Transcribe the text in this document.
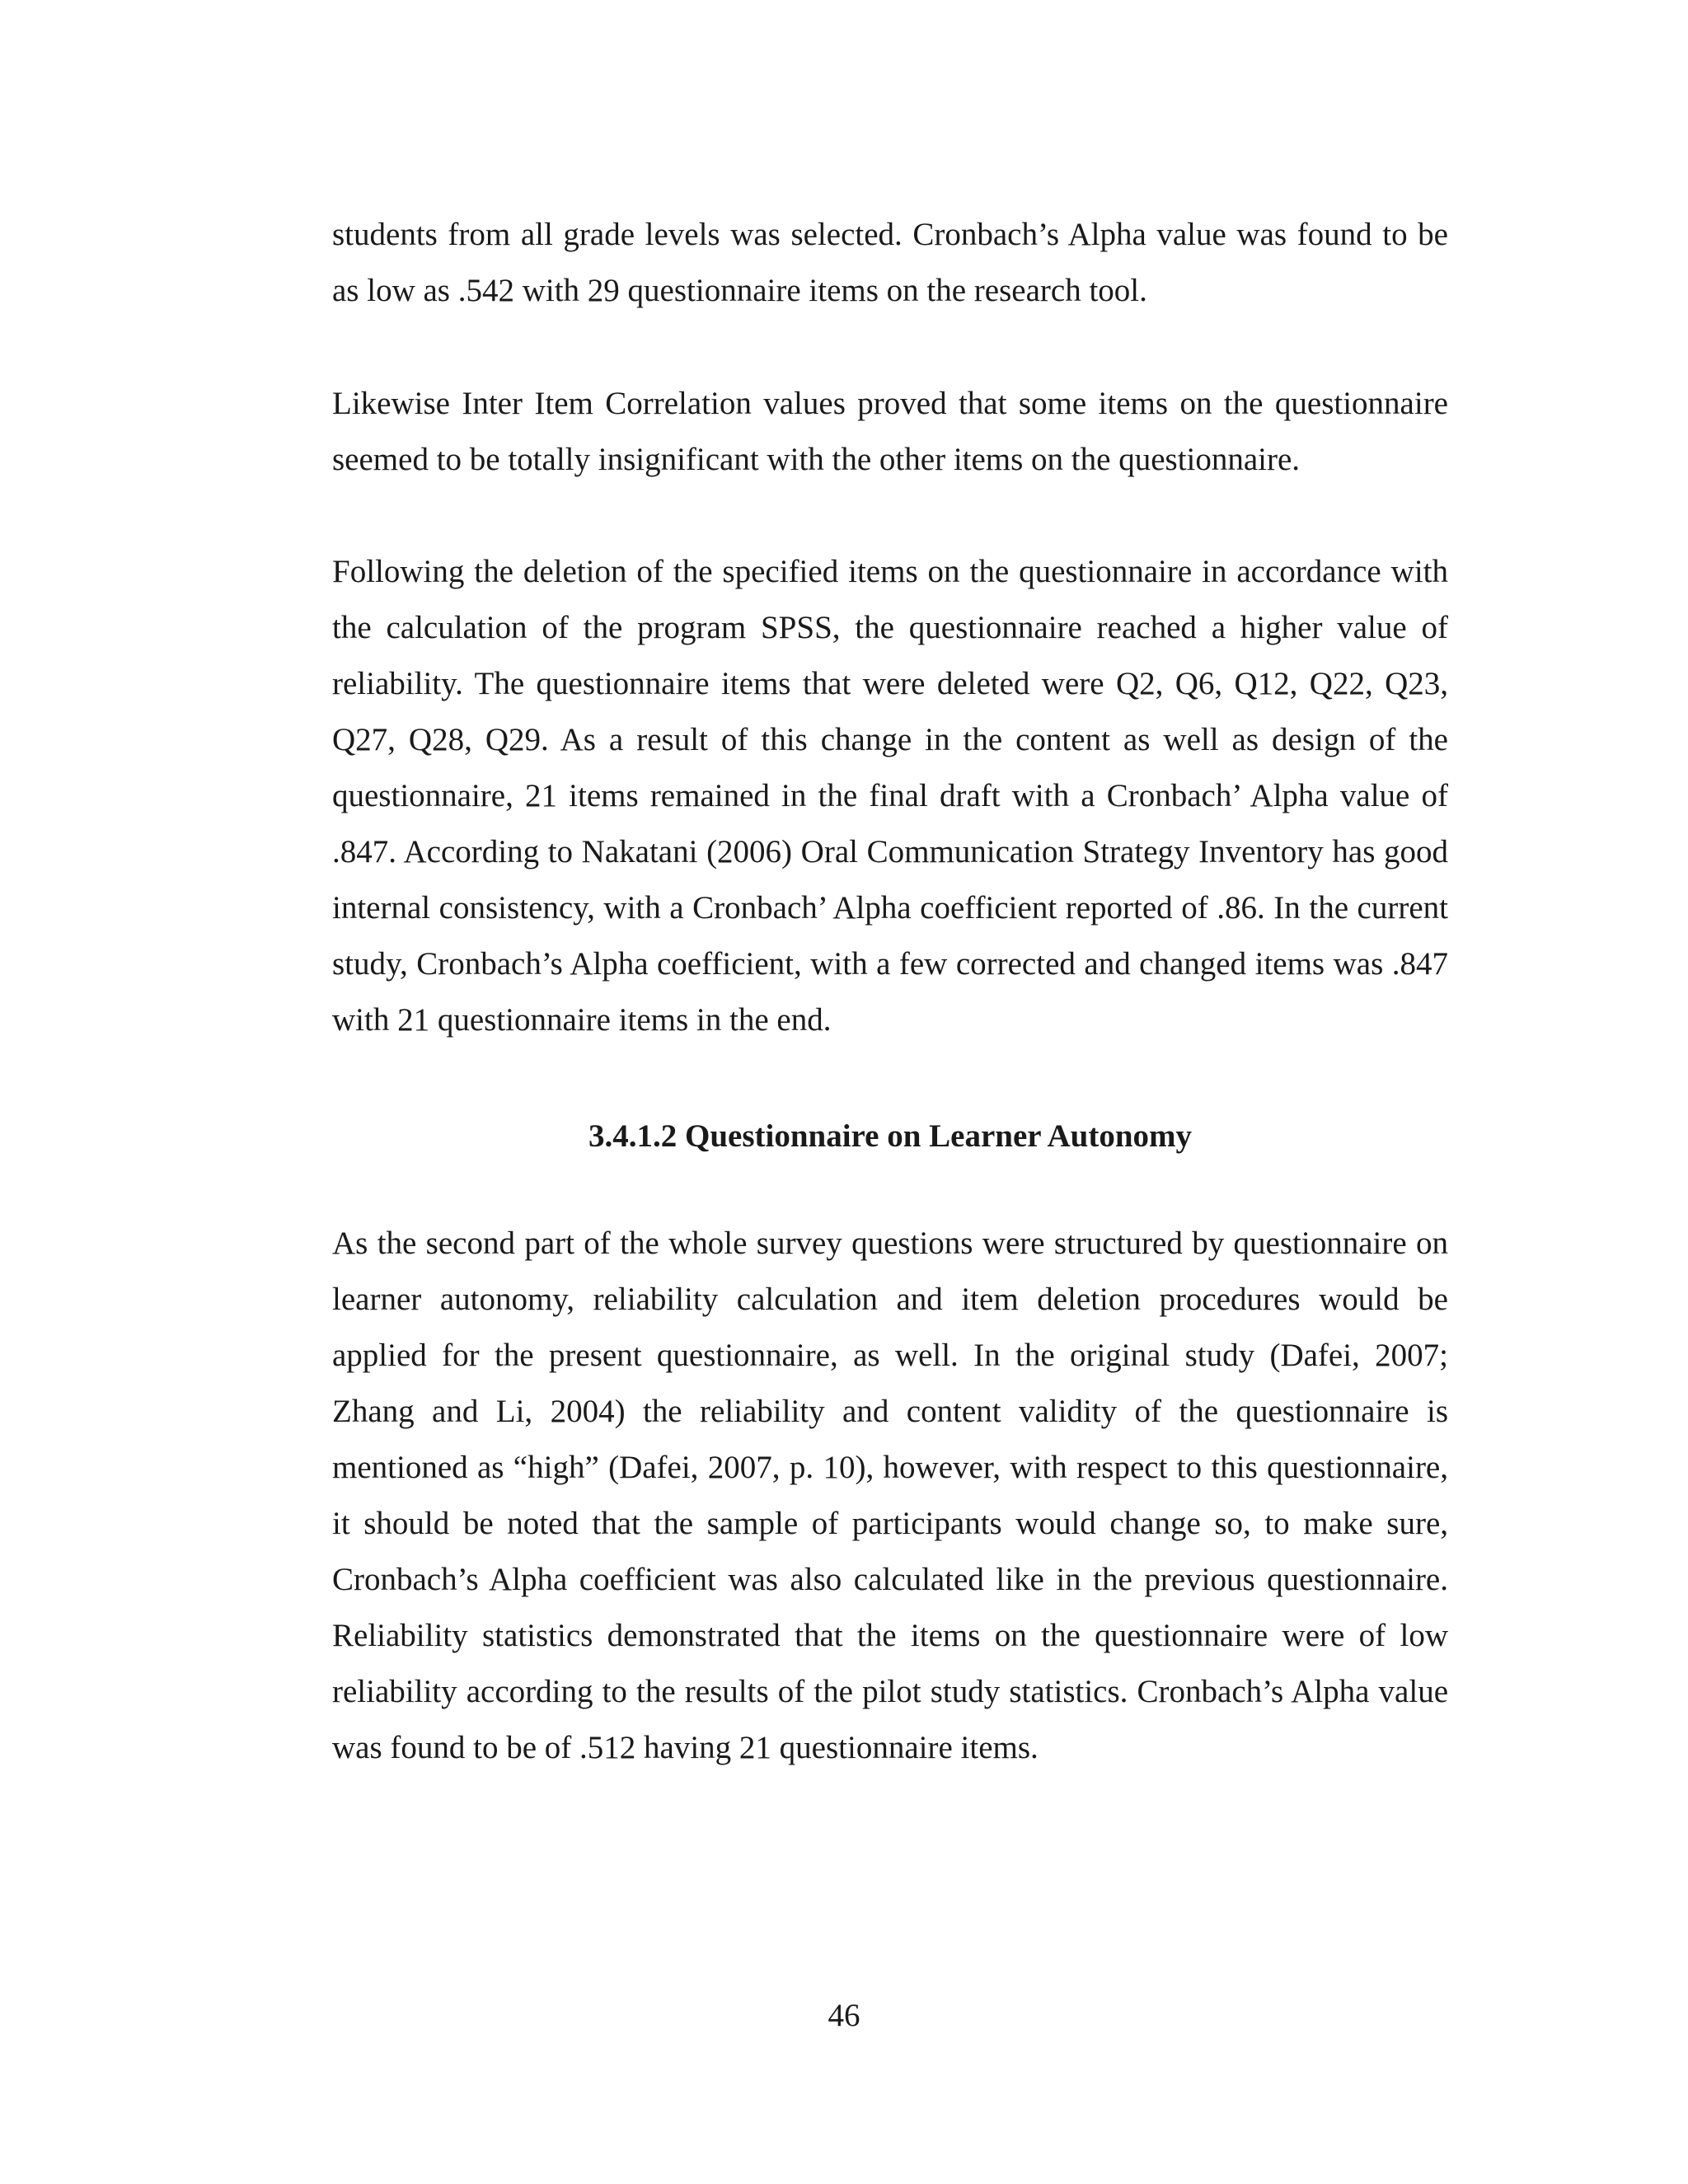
students from all grade levels was selected. Cronbach’s Alpha value was found to be as low as .542 with 29 questionnaire items on the research tool.

Likewise Inter Item Correlation values proved that some items on the questionnaire seemed to be totally insignificant with the other items on the questionnaire.

Following the deletion of the specified items on the questionnaire in accordance with the calculation of the program SPSS, the questionnaire reached a higher value of reliability. The questionnaire items that were deleted were Q2, Q6, Q12, Q22, Q23, Q27, Q28, Q29. As a result of this change in the content as well as design of the questionnaire, 21 items remained in the final draft with a Cronbach’ Alpha value of .847. According to Nakatani (2006) Oral Communication Strategy Inventory has good internal consistency, with a Cronbach’ Alpha coefficient reported of .86. In the current study, Cronbach’s Alpha coefficient, with a few corrected and changed items was .847 with 21 questionnaire items in the end.

3.4.1.2 Questionnaire on Learner Autonomy

As the second part of the whole survey questions were structured by questionnaire on learner autonomy, reliability calculation and item deletion procedures would be applied for the present questionnaire, as well. In the original study (Dafei, 2007; Zhang and Li, 2004) the reliability and content validity of the questionnaire is mentioned as “high” (Dafei, 2007, p. 10), however, with respect to this questionnaire, it should be noted that the sample of participants would change so, to make sure, Cronbach’s Alpha coefficient was also calculated like in the previous questionnaire. Reliability statistics demonstrated that the items on the questionnaire were of low reliability according to the results of the pilot study statistics. Cronbach’s Alpha value was found to be of .512 having 21 questionnaire items.

46
